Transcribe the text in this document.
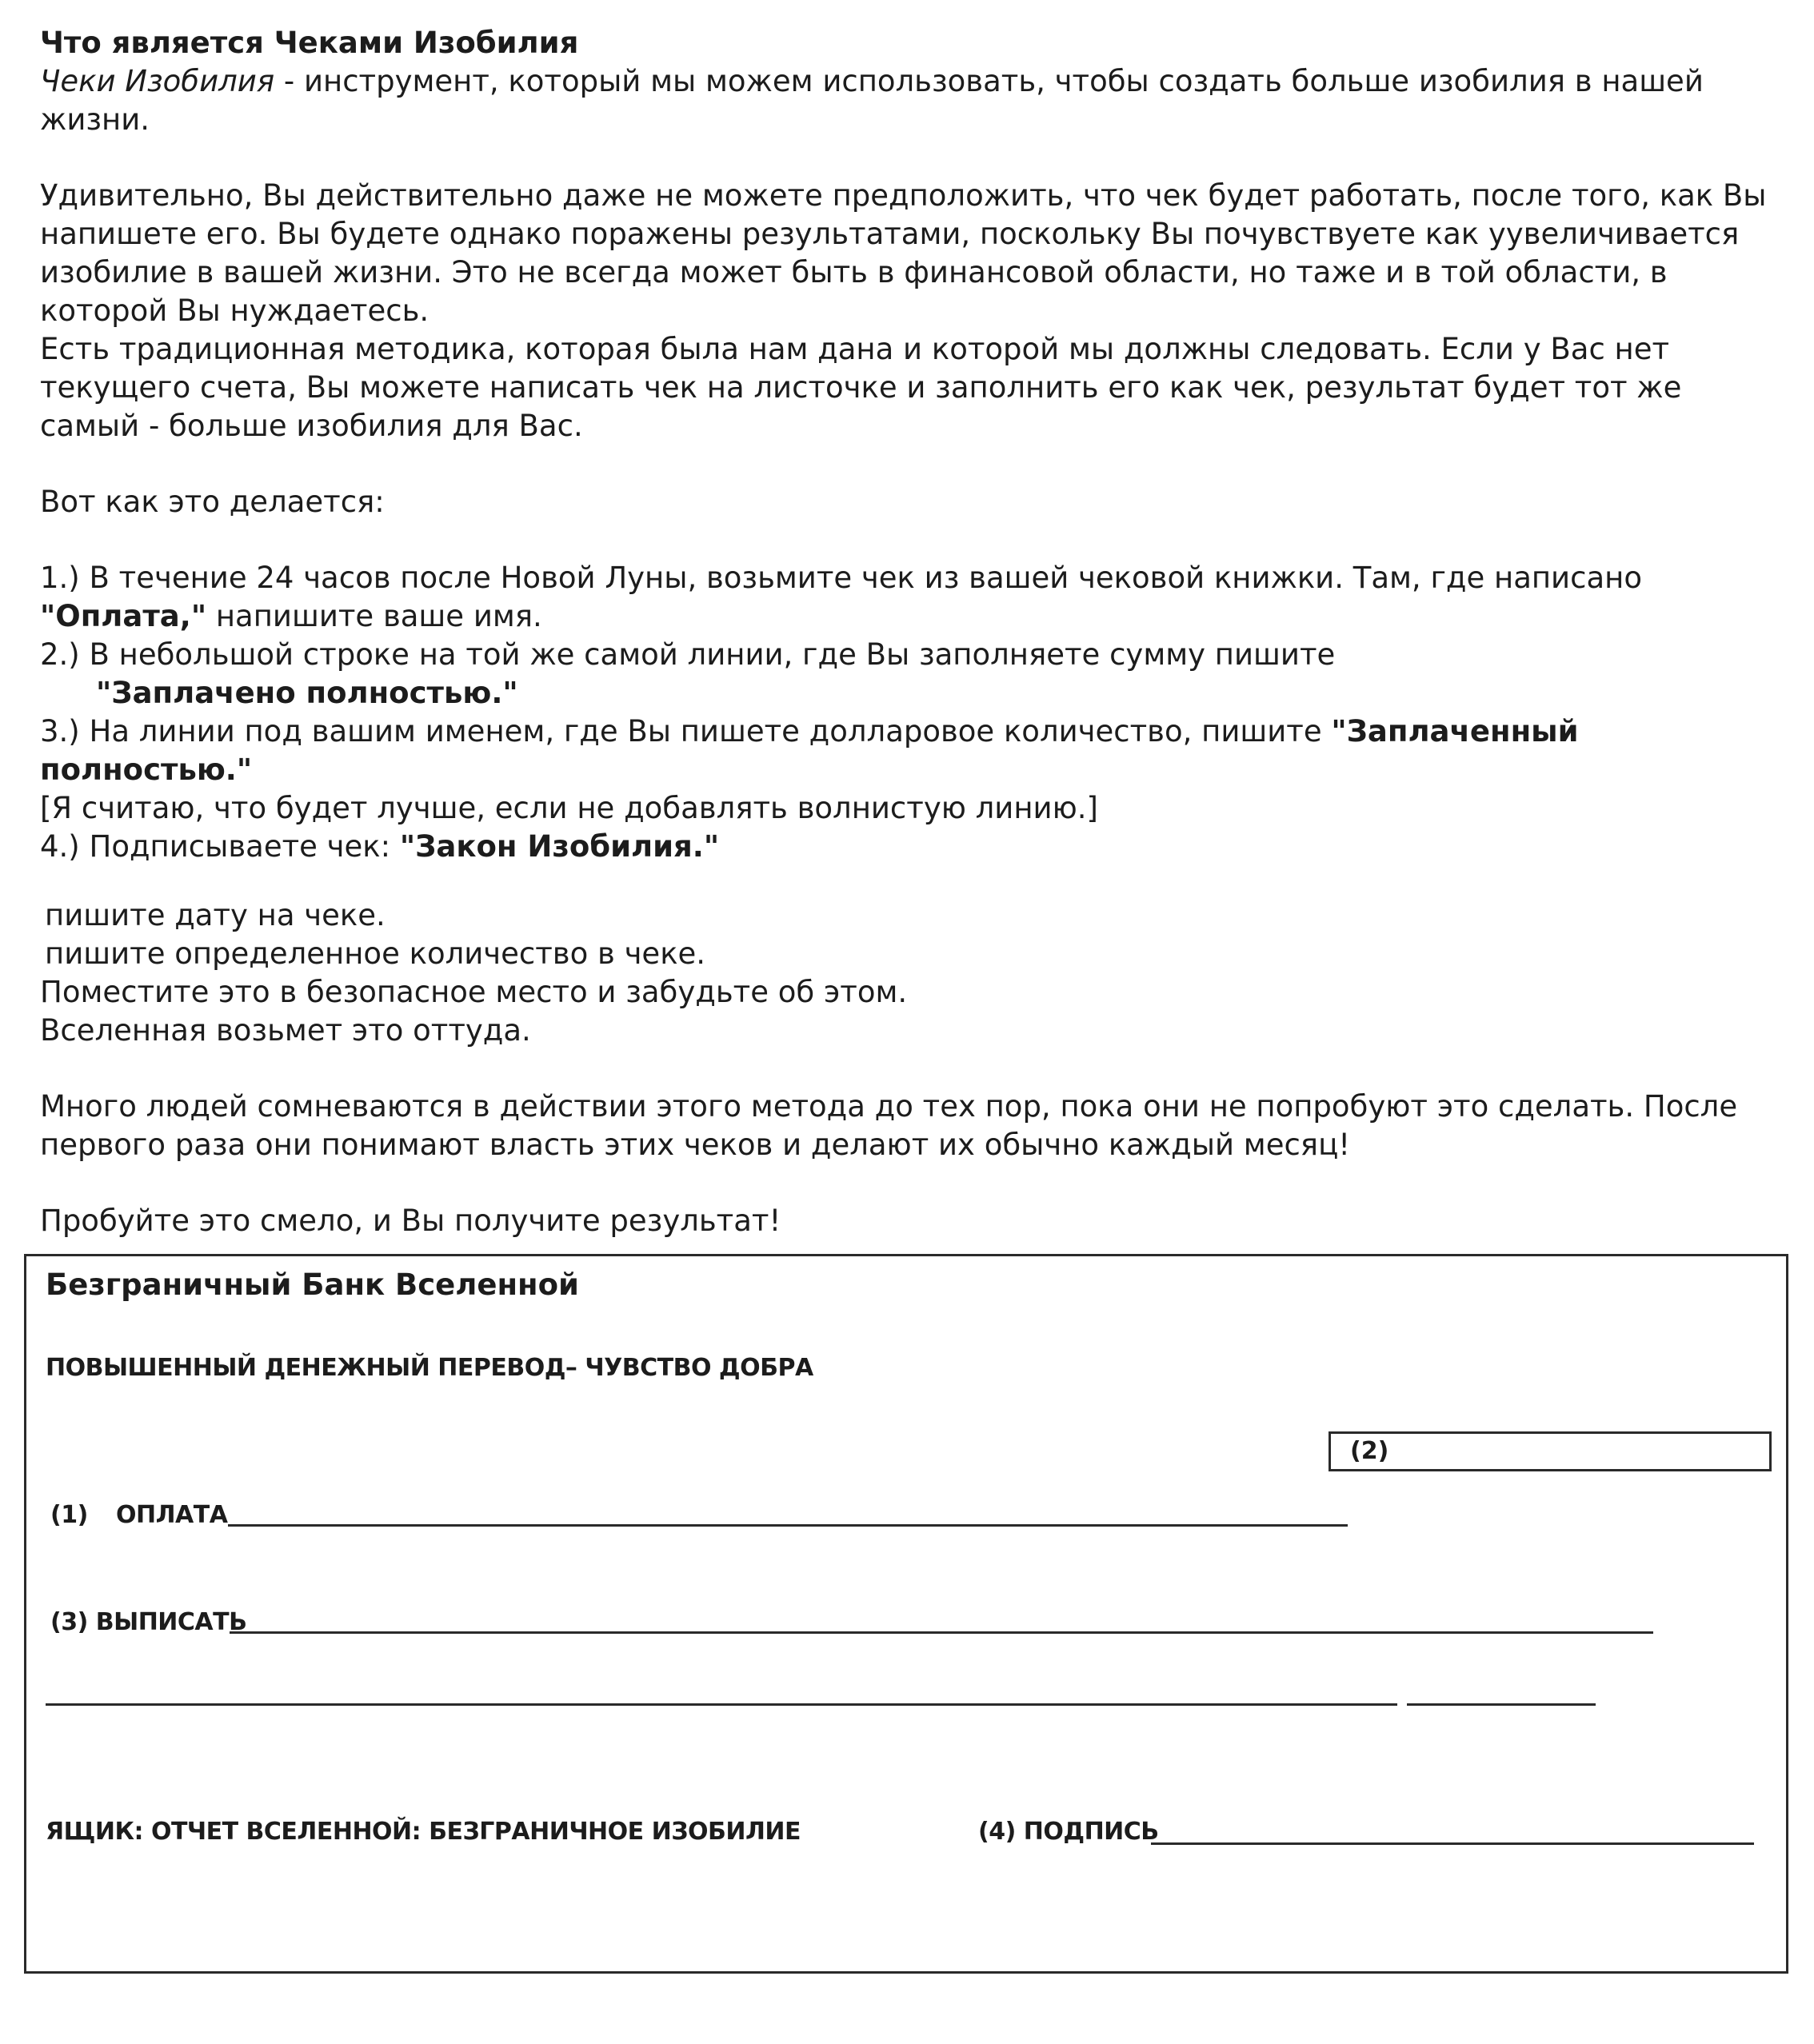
Что является Чеками Изобилия

Чеки Изобилия - инструмент, который мы можем использовать, чтобы создать больше изобилия в нашей жизни.

Удивительно, Вы действительно даже не можете предположить, что чек будет работать, после того, как Вы напишете его. Вы будете однако поражены результатами, поскольку Вы почувствуете как уувеличивается изобилие в вашей жизни. Это не всегда может быть в финансовой области, но таже и в той области, в которой Вы нуждаетесь.

Есть традиционная методика, которая была нам дана и которой мы должны следовать. Если у Вас нет текущего счета, Вы можете написать чек на листочке и заполнить его как чек, результат будет тот же самый - больше изобилия для Вас.

Вот как это делается:

1.) В течение 24 часов после Новой Луны, возьмите чек из вашей чековой книжки. Там, где написано "Оплата," напишите ваше имя.

2.) В небольшой строке на той же самой линии, где Вы заполняете сумму пишите

"Заплачено полностью."

3.) На линии под вашим именем, где Вы пишете долларовое количество, пишите "Заплаченный полностью."

[Я считаю, что будет лучше, если не добавлять волнистую линию.]

4.) Подписываете чек: "Закон Изобилия."

пишите дату на чеке.

пишите определенное количество в чеке.

Поместите это в безопасное место и забудьте об этом.

Вселенная возьмет это оттуда.

Много людей сомневаются в действии этого метода до тех пор, пока они не попробуют это сделать. После первого раза они понимают власть этих чеков и делают их обычно каждый месяц!

Пробуйте это смело, и Вы получите результат!

Безграничный Банк Вселенной
ПОВЫШЕННЫЙ ДЕНЕЖНЫЙ ПЕРЕВОД– ЧУВСТВО ДОБРА
(2)
(1) ОПЛАТА
(3) ВЫПИСАТЬ
ЯЩИК: ОТЧЕТ ВСЕЛЕННОЙ: БЕЗГРАНИЧНОЕ ИЗОБИЛИЕ	(4) ПОДПИСЬ
